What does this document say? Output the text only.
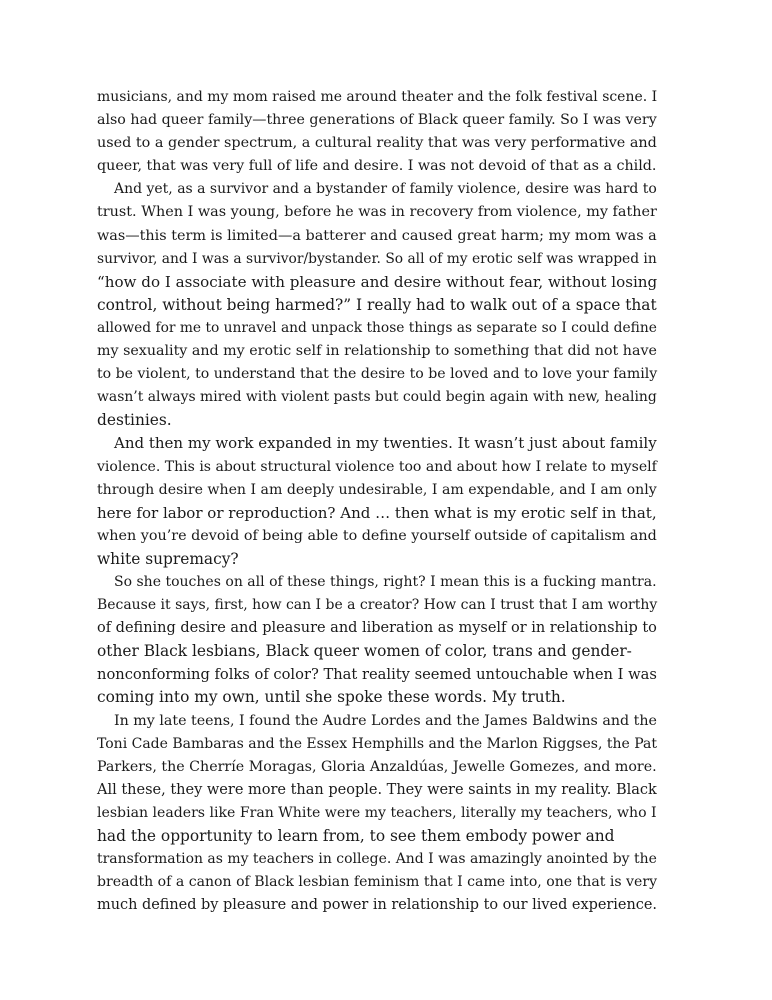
musicians, and my mom raised me around theater and the folk festival scene. I
also had queer family—three generations of Black queer family. So I was very
used to a gender spectrum, a cultural reality that was very performative and
queer, that was very full of life and desire. I was not devoid of that as a child.
And yet, as a survivor and a bystander of family violence, desire was hard to
trust. When I was young, before he was in recovery from violence, my father
was—this term is limited—a batterer and caused great harm; my mom was a
survivor, and I was a survivor/bystander. So all of my erotic self was wrapped in
“how do I associate with pleasure and desire without fear, without losing
control, without being harmed?” I really had to walk out of a space that
allowed for me to unravel and unpack those things as separate so I could define
my sexuality and my erotic self in relationship to something that did not have
to be violent, to understand that the desire to be loved and to love your family
wasn’t always mired with violent pasts but could begin again with new, healing
destinies.
And then my work expanded in my twenties. It wasn’t just about family
violence. This is about structural violence too and about how I relate to myself
through desire when I am deeply undesirable, I am expendable, and I am only
here for labor or reproduction? And … then what is my erotic self in that,
when you’re devoid of being able to define yourself outside of capitalism and
white supremacy?
So she touches on all of these things, right? I mean this is a fucking mantra.
Because it says, first, how can I be a creator? How can I trust that I am worthy
of defining desire and pleasure and liberation as myself or in relationship to
other Black lesbians, Black queer women of color, trans and gender-
nonconforming folks of color? That reality seemed untouchable when I was
coming into my own, until she spoke these words. My truth.
In my late teens, I found the Audre Lordes and the James Baldwins and the
Toni Cade Bambaras and the Essex Hemphills and the Marlon Riggses, the Pat
Parkers, the Cherríe Moragas, Gloria Anzaldúas, Jewelle Gomezes, and more.
All these, they were more than people. They were saints in my reality. Black
lesbian leaders like Fran White were my teachers, literally my teachers, who I
had the opportunity to learn from, to see them embody power and
transformation as my teachers in college. And I was amazingly anointed by the
breadth of a canon of Black lesbian feminism that I came into, one that is very
much defined by pleasure and power in relationship to our lived experience.
